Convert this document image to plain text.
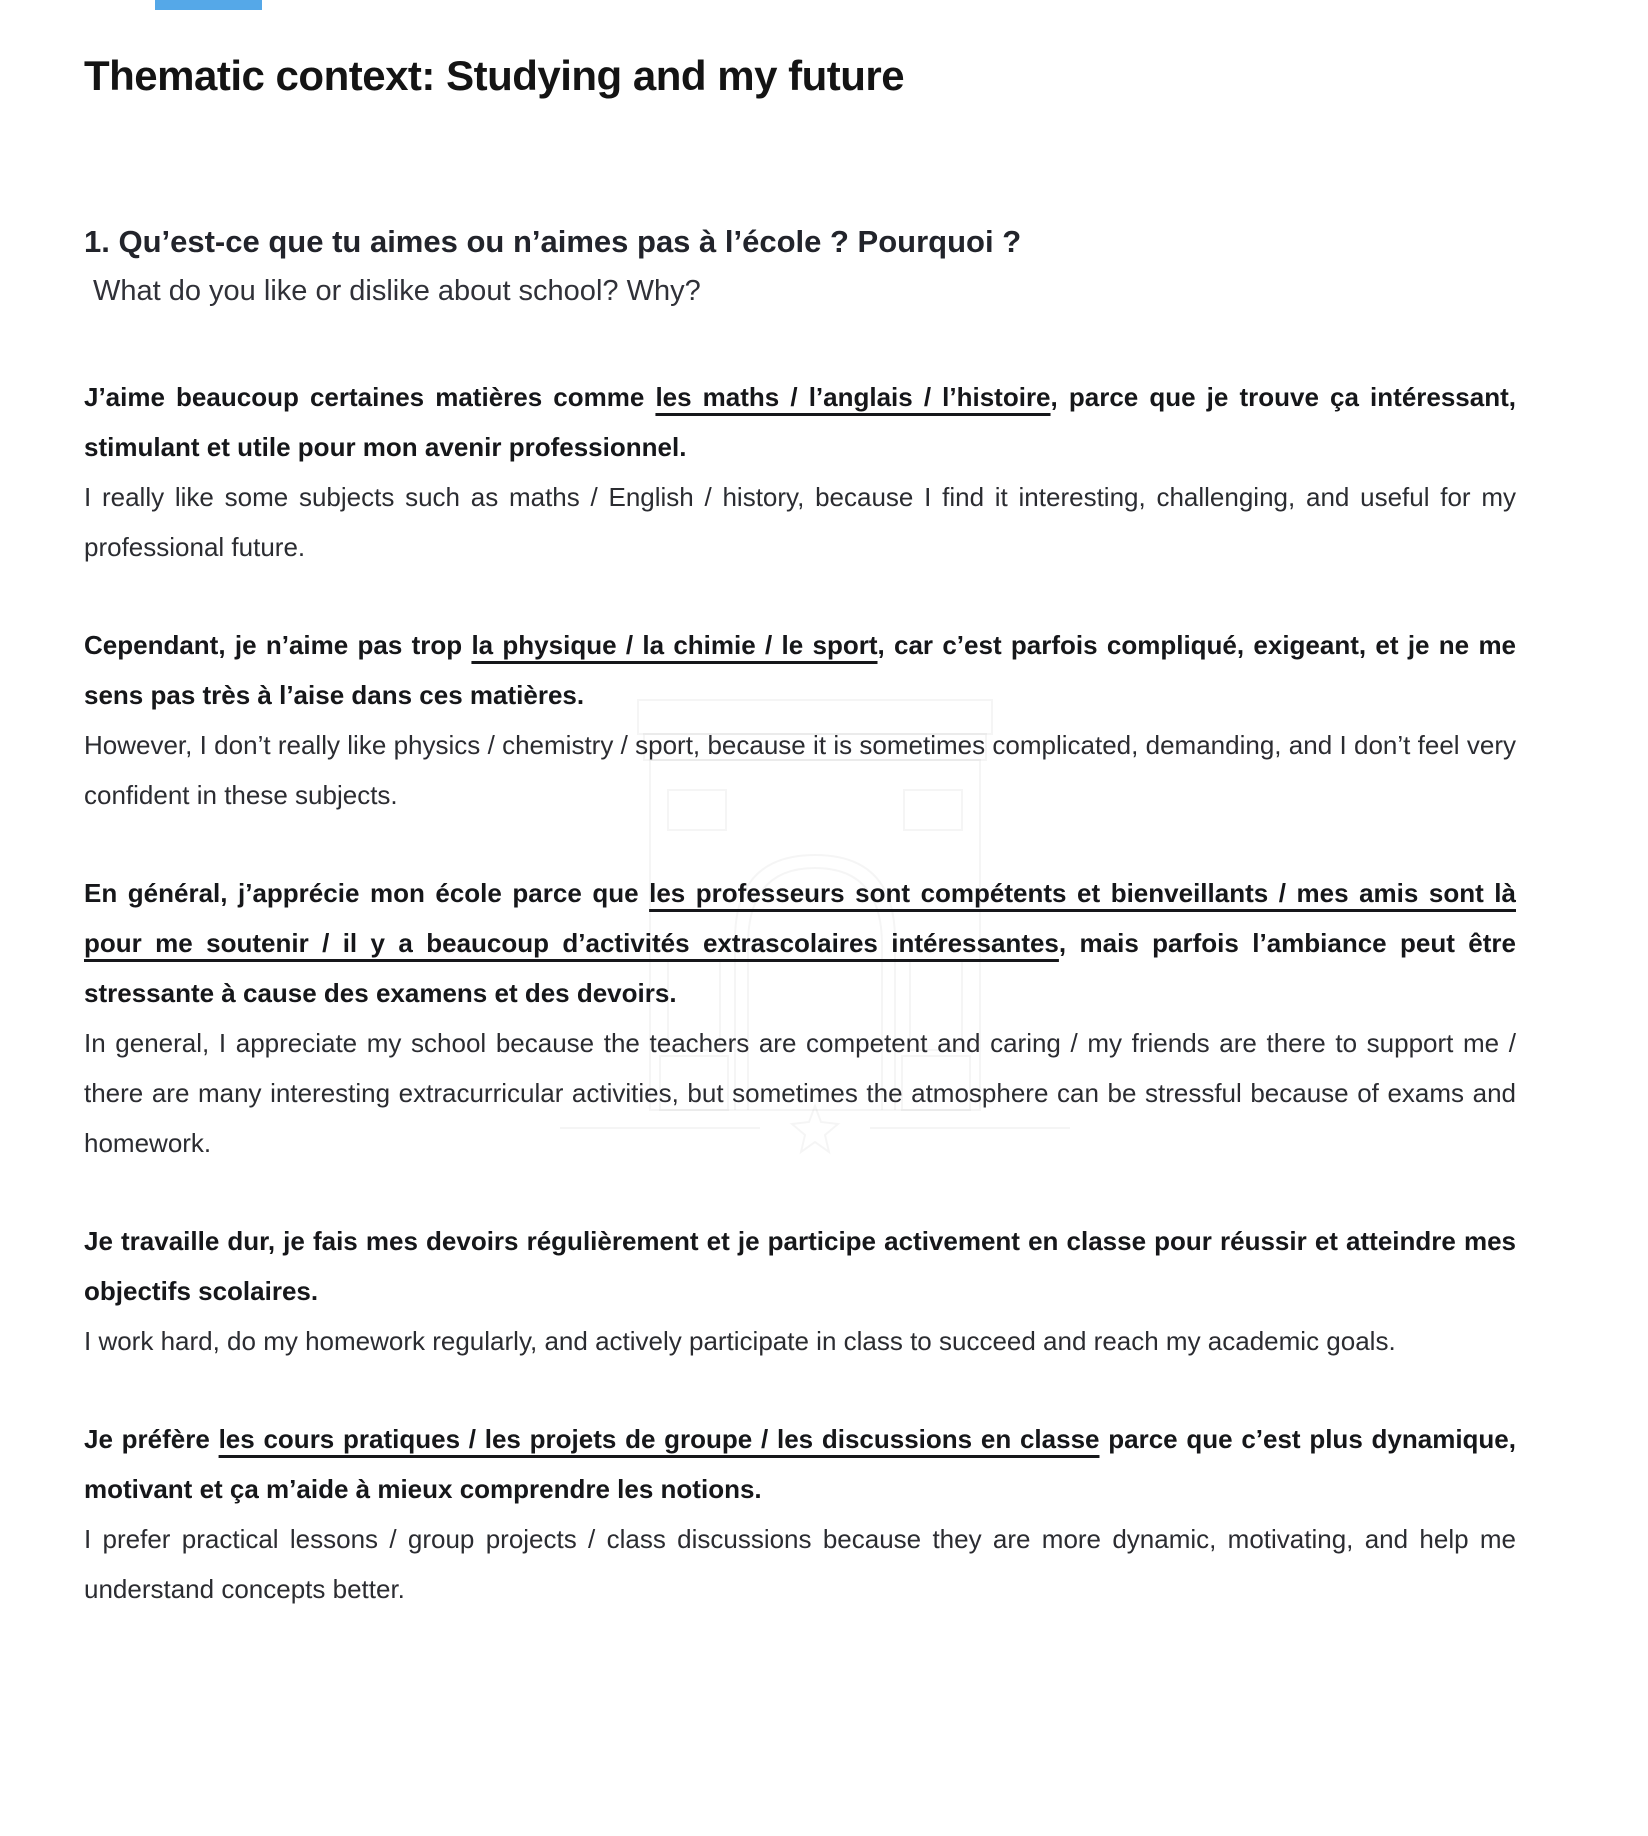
Thematic context: Studying and my future
1. Qu’est-ce que tu aimes ou n’aimes pas à l’école ? Pourquoi ?

What do you like or dislike about school? Why?

J’aime beaucoup certaines matières comme les maths / l’anglais / l’histoire, parce que je trouve ça intéressant, stimulant et utile pour mon avenir professionnel.

I really like some subjects such as maths / English / history, because I find it interesting, challenging, and useful for my professional future.

Cependant, je n’aime pas trop la physique / la chimie / le sport, car c’est parfois compliqué, exigeant, et je ne me sens pas très à l’aise dans ces matières.

However, I don’t really like physics / chemistry / sport, because it is sometimes complicated, demanding, and I don’t feel very confident in these subjects.

En général, j’apprécie mon école parce que les professeurs sont compétents et bienveillants / mes amis sont là pour me soutenir / il y a beaucoup d’activités extrascolaires intéressantes, mais parfois l’ambiance peut être stressante à cause des examens et des devoirs.

In general, I appreciate my school because the teachers are competent and caring / my friends are there to support me / there are many interesting extracurricular activities, but sometimes the atmosphere can be stressful because of exams and homework.

Je travaille dur, je fais mes devoirs régulièrement et je participe activement en classe pour réussir et atteindre mes objectifs scolaires.

I work hard, do my homework regularly, and actively participate in class to succeed and reach my academic goals.

Je préfère les cours pratiques / les projets de groupe / les discussions en classe parce que c’est plus dynamique, motivant et ça m’aide à mieux comprendre les notions.

I prefer practical lessons / group projects / class discussions because they are more dynamic, motivating, and help me understand concepts better.
